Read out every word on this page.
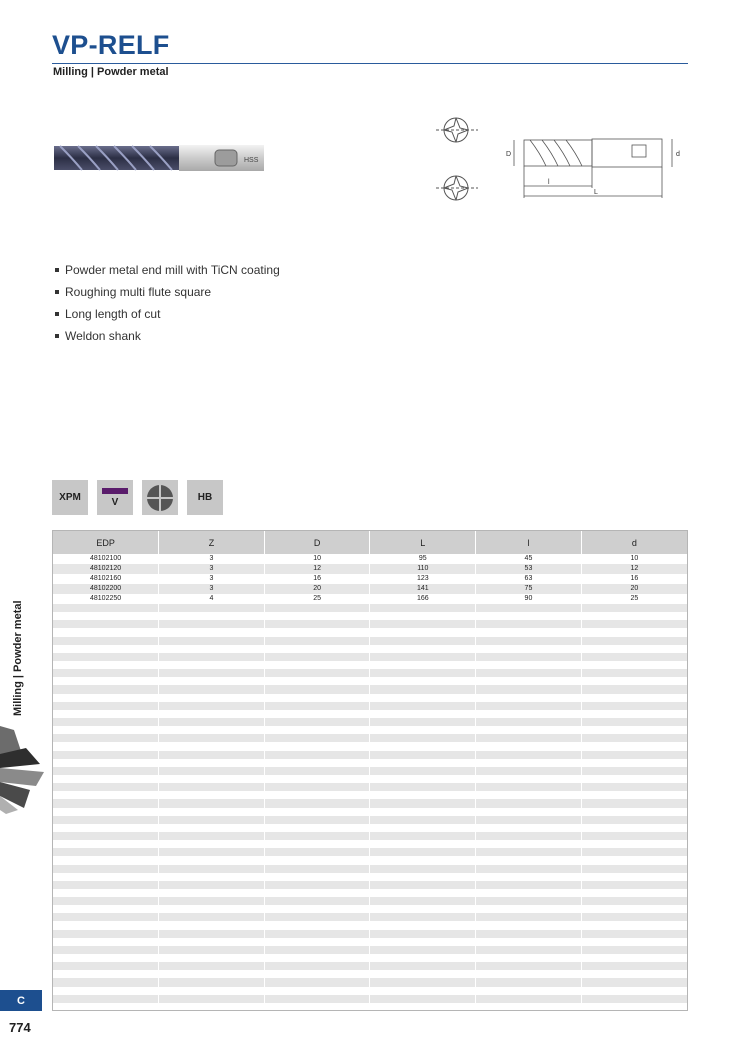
VP-RELF
Milling | Powder metal
HSS
D	d
l
L
Powder metal end mill with TiCN coating
Roughing multi flute square
Long length of cut
Weldon shank
XPM	V	HB
EDP	Z	D	L	l	d
48102100	3	10	95	45	10
48102120	3	12	110	53	12
48102160	3	16	123	63	16
48102200	3	20	141	75	20
48102250	4	25	166	90	25

Milling | Powder metal
C
774
